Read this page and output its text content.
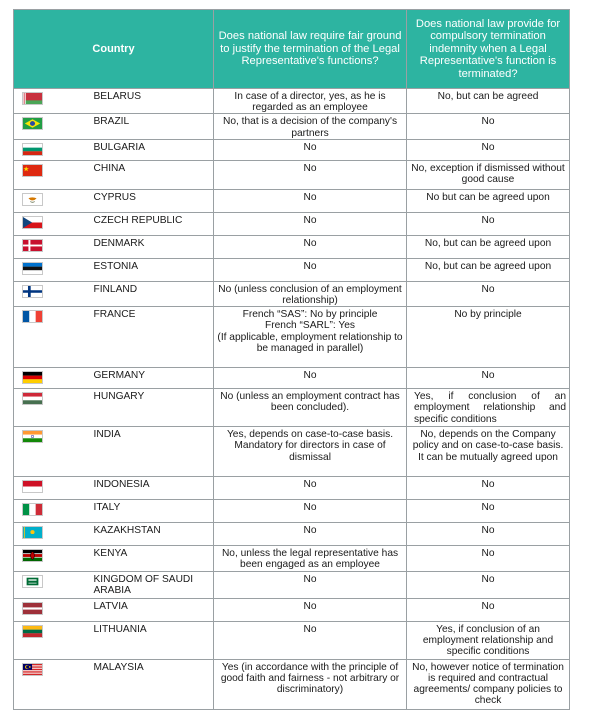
Country		Does national law require fair ground to justify the termination of the Legal Representative's functions?	Does national law provide for compulsory termination indemnity when a Legal Representative's function is terminated?

	BELARUS	In case of a director, yes, as he is regarded as an employee	No, but can be agreed

	BRAZIL	No, that is a decision of the company's partners	No

	BULGARIA	No	No

	CHINA	No	No, exception if dismissed without good cause

	CYPRUS	No	No but can be agreed upon

	CZECH REPUBLIC	No	No

	DENMARK	No	No, but can be agreed upon

	ESTONIA	No	No, but can be agreed upon

	FINLAND	No (unless conclusion of an employment relationship)	No

	FRANCE	French “SAS”: No by principle
French “SARL”: Yes
(If applicable, employment relationship to be managed in parallel)	No by principle

	GERMANY	No	No

	HUNGARY	No (unless an employment contract has been concluded).	Yes, if conclusion of an employment relationship and specific conditions

	INDIA	Yes, depends on case-to-case basis. Mandatory for directors in case of dismissal	No, depends on the Company policy and on case-to-case basis. It can be mutually agreed upon

	INDONESIA	No	No

	ITALY	No	No

	KAZAKHSTAN	No	No

	KENYA	No, unless the legal representative has been engaged as an employee	No

	KINGDOM OF SAUDI ARABIA	No	No

	LATVIA	No	No

	LITHUANIA	No	Yes, if conclusion of an employment relationship and specific conditions

	MALAYSIA	Yes (in accordance with the principle of good faith and fairness - not arbitrary or discriminatory)	No, however notice of termination is required and contractual agreements/ company policies to check
